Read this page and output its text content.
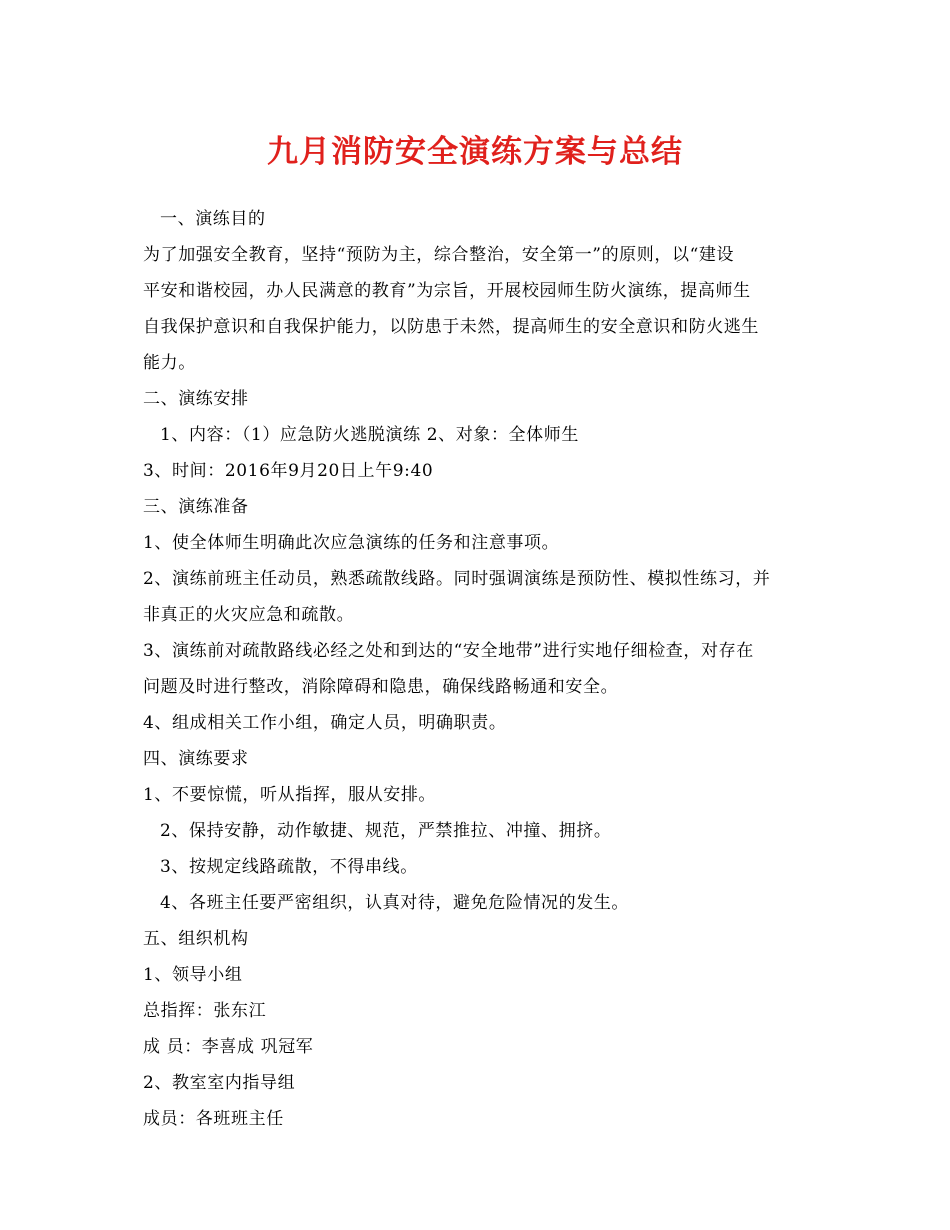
九月消防安全演练方案与总结
一、演练目的
为了加强安全教育，坚持“预防为主，综合整治，安全第一”的原则，以“建设
平安和谐校园，办人民满意的教育”为宗旨，开展校园师生防火演练，提高师生
自我保护意识和自我保护能力，以防患于未然，提高师生的安全意识和防火逃生
能力。
二、演练安排
1、内容：（1）应急防火逃脱演练 2、对象：全体师生
3、时间：2016年9月20日上午9:40
三、演练准备
1、使全体师生明确此次应急演练的任务和注意事项。
2、演练前班主任动员，熟悉疏散线路。同时强调演练是预防性、模拟性练习，并
非真正的火灾应急和疏散。
3、演练前对疏散路线必经之处和到达的“安全地带”进行实地仔细检查，对存在
问题及时进行整改，消除障碍和隐患，确保线路畅通和安全。
4、组成相关工作小组，确定人员，明确职责。
四、演练要求
1、不要惊慌，听从指挥，服从安排。
2、保持安静，动作敏捷、规范，严禁推拉、冲撞、拥挤。
3、按规定线路疏散，不得串线。
4、各班主任要严密组织，认真对待，避免危险情况的发生。
五、组织机构
1、领导小组
总指挥：张东江
成 员：李喜成 巩冠军
2、教室室内指导组
成员：各班班主任
